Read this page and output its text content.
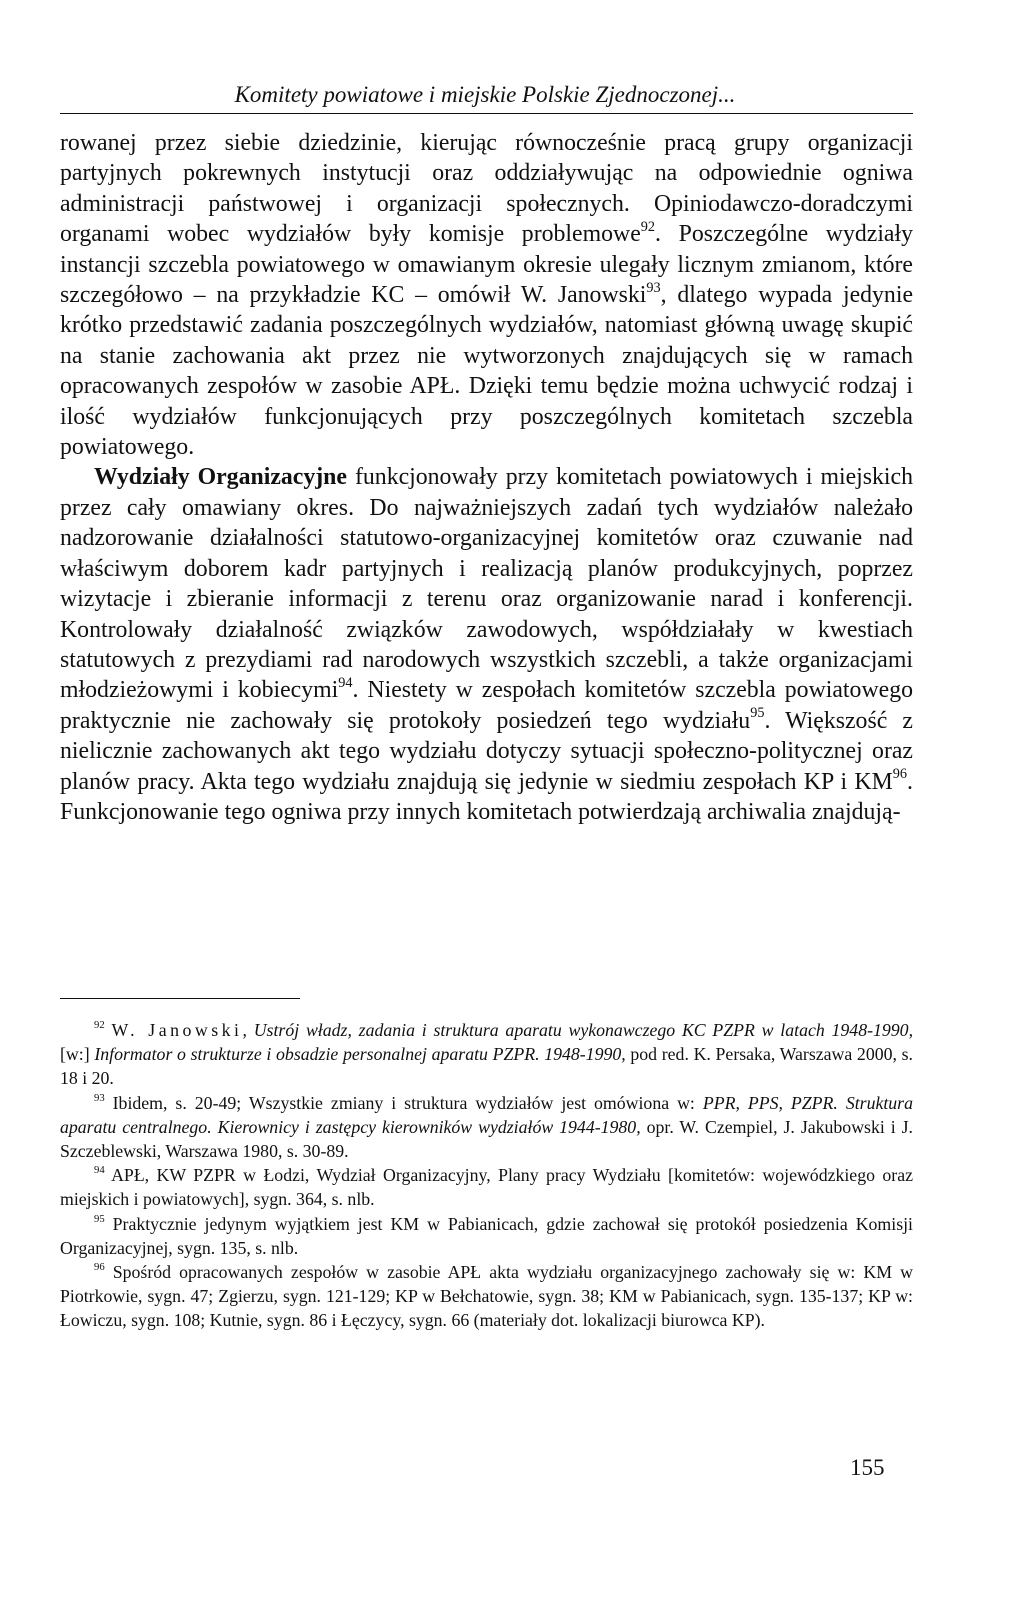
Komitety powiatowe i miejskie Polskie Zjednoczonej...

rowanej przez siebie dziedzinie, kierując równocześnie pracą grupy organizacji partyjnych pokrewnych instytucji oraz oddziaływując na odpowiednie ogniwa administracji państwowej i organizacji społecznych. Opiniodawczo-doradczymi organami wobec wydziałów były komisje problemowe$^{92}$. Poszczególne wydziały instancji szczebla powiatowego w omawianym okresie ulegały licznym zmianom, które szczegółowo – na przykładzie KC – omówił W. Janowski$^{93}$, dlatego wypada jedynie krótko przedstawić zadania poszczególnych wydziałów, natomiast główną uwagę skupić na stanie zachowania akt przez nie wytworzonych znajdujących się w ramach opracowanych zespołów w zasobie APŁ. Dzięki temu będzie można uchwycić rodzaj i ilość wydziałów funkcjonujących przy poszczególnych komitetach szczebla powiatowego.

Wydziały Organizacyjne funkcjonowały przy komitetach powiatowych i miejskich przez cały omawiany okres. Do najważniejszych zadań tych wydziałów należało nadzorowanie działalności statutowo-organizacyjnej komitetów oraz czuwanie nad właściwym doborem kadr partyjnych i realizacją planów produkcyjnych, poprzez wizytacje i zbieranie informacji z terenu oraz organizowanie narad i konferencji. Kontrolowały działalność związków zawodowych, współdziałały w kwestiach statutowych z prezydiami rad narodowych wszystkich szczebli, a także organizacjami młodzieżowymi i kobiecymi$^{94}$. Niestety w zespołach komitetów szczebla powiatowego praktycznie nie zachowały się protokoły posiedzeń tego wydziału$^{95}$. Większość z nielicznie zachowanych akt tego wydziału dotyczy sytuacji społeczno-politycznej oraz planów pracy. Akta tego wydziału znajdują się jedynie w siedmiu zespołach KP i KM$^{96}$. Funkcjonowanie tego ogniwa przy innych komitetach potwierdzają archiwalia znajdują-

$^{92}$ W. Janowski, Ustrój władz, zadania i struktura aparatu wykonawczego KC PZPR w latach 1948-1990, [w:] Informator o strukturze i obsadzie personalnej aparatu PZPR. 1948-1990, pod red. K. Persaka, Warszawa 2000, s. 18 i 20.

$^{93}$ Ibidem, s. 20-49; Wszystkie zmiany i struktura wydziałów jest omówiona w: PPR, PPS, PZPR. Struktura aparatu centralnego. Kierownicy i zastępcy kierowników wydziałów 1944-1980, opr. W. Czempiel, J. Jakubowski i J. Szczeblewski, Warszawa 1980, s. 30-89.

$^{94}$ APŁ, KW PZPR w Łodzi, Wydział Organizacyjny, Plany pracy Wydziału [komitetów: wojewódzkiego oraz miejskich i powiatowych], sygn. 364, s. nlb.

$^{95}$ Praktycznie jedynym wyjątkiem jest KM w Pabianicach, gdzie zachował się protokół posiedzenia Komisji Organizacyjnej, sygn. 135, s. nlb.

$^{96}$ Spośród opracowanych zespołów w zasobie APŁ akta wydziału organizacyjnego zachowały się w: KM w Piotrkowie, sygn. 47; Zgierzu, sygn. 121-129; KP w Bełchatowie, sygn. 38; KM w Pabianicach, sygn. 135-137; KP w: Łowiczu, sygn. 108; Kutnie, sygn. 86 i Łęczycy, sygn. 66 (materiały dot. lokalizacji biurowca KP).

155
